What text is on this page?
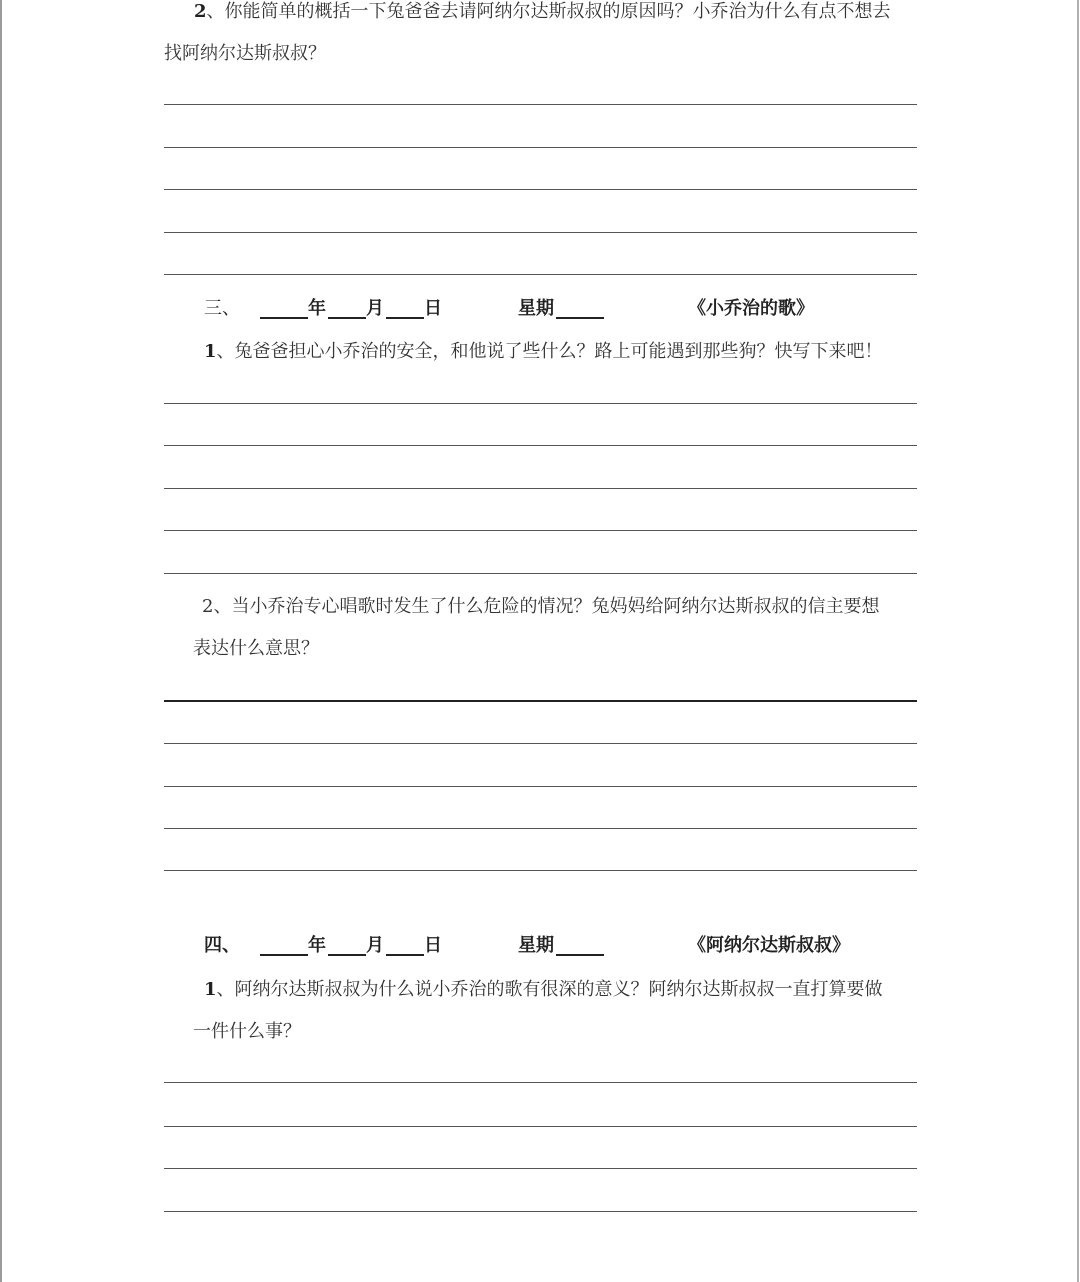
2、你能简单的概括一下兔爸爸去请阿纳尔达斯叔叔的原因吗？小乔治为什么有点不想去

找阿纳尔达斯叔叔？

三、	年 月 日	星期	《小乔治的歌》

1、兔爸爸担心小乔治的安全，和他说了些什么？路上可能遇到那些狗？快写下来吧！

2、当小乔治专心唱歌时发生了什么危险的情况？兔妈妈给阿纳尔达斯叔叔的信主要想

表达什么意思？

四、	年 月 日	星期	《阿纳尔达斯叔叔》

1、阿纳尔达斯叔叔为什么说小乔治的歌有很深的意义？阿纳尔达斯叔叔一直打算要做

一件什么事？
